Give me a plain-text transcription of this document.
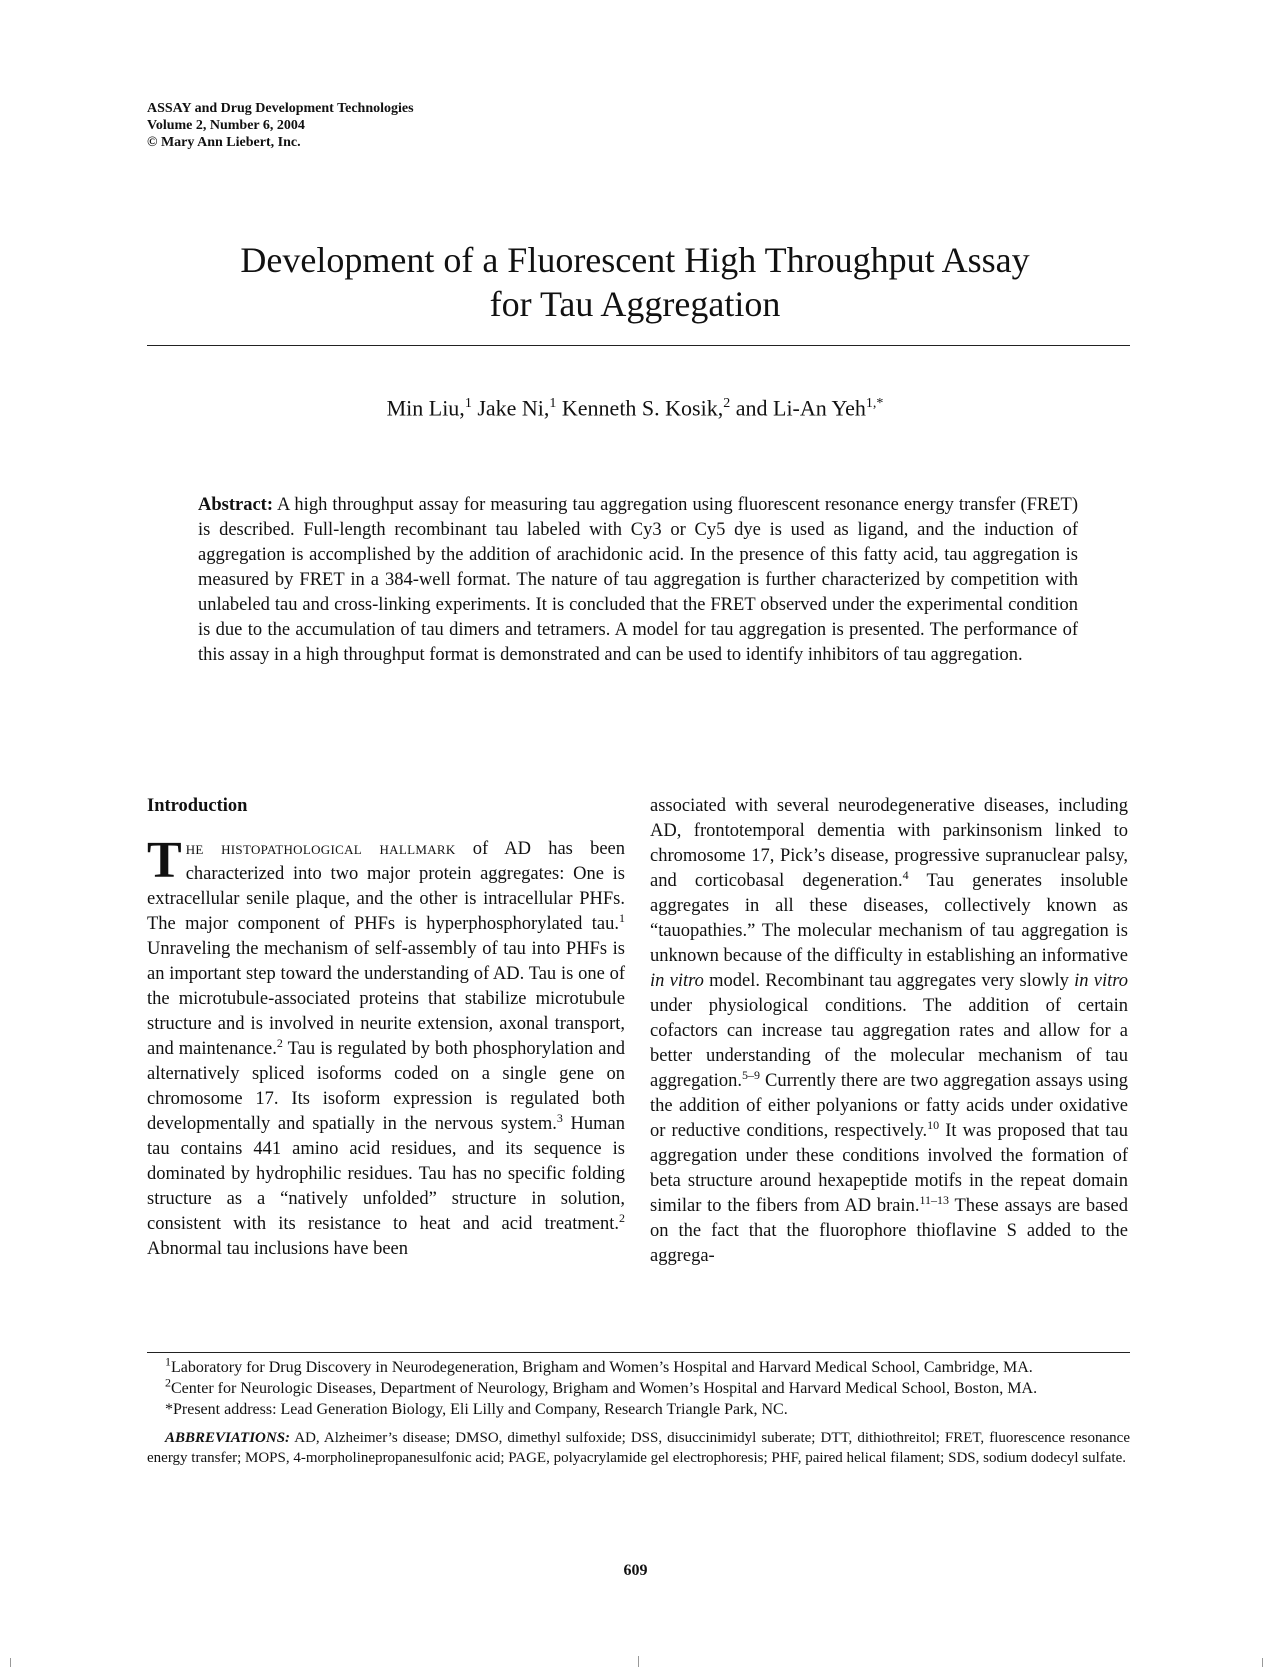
ASSAY and Drug Development Technologies
Volume 2, Number 6, 2004
© Mary Ann Liebert, Inc.
Development of a Fluorescent High Throughput Assay
for Tau Aggregation
Min Liu,$^1$ Jake Ni,$^1$ Kenneth S. Kosik,$^2$ and Li-An Yeh$^{1,*}$
Abstract: A high throughput assay for measuring tau aggregation using fluorescent resonance energy transfer (FRET) is described. Full-length recombinant tau labeled with Cy3 or Cy5 dye is used as ligand, and the induction of aggregation is accomplished by the addition of arachidonic acid. In the presence of this fatty acid, tau aggregation is measured by FRET in a 384-well format. The nature of tau aggregation is further characterized by competition with unlabeled tau and cross-linking experiments. It is concluded that the FRET observed under the experimental condition is due to the accumulation of tau dimers and tetramers. A model for tau aggregation is presented. The performance of this assay in a high throughput format is demonstrated and can be used to identify inhibitors of tau aggregation.
Introduction

The histopathological hallmark of AD has been characterized into two major protein aggregates: One is extracellular senile plaque, and the other is intracellular PHFs. The major component of PHFs is hyperphosphorylated tau.$^1$ Unraveling the mechanism of self-assembly of tau into PHFs is an important step toward the understanding of AD. Tau is one of the microtubule-associated proteins that stabilize microtubule structure and is involved in neurite extension, axonal transport, and maintenance.$^2$ Tau is regulated by both phosphorylation and alternatively spliced isoforms coded on a single gene on chromosome 17. Its isoform expression is regulated both developmentally and spatially in the nervous system.$^3$ Human tau contains 441 amino acid residues, and its sequence is dominated by hydrophilic residues. Tau has no specific folding structure as a “natively unfolded” structure in solution, consistent with its resistance to heat and acid treatment.$^2$ Abnormal tau inclusions have been

associated with several neurodegenerative diseases, including AD, frontotemporal dementia with parkinsonism linked to chromosome 17, Pick’s disease, progressive supranuclear palsy, and corticobasal degeneration.$^4$ Tau generates insoluble aggregates in all these diseases, collectively known as “tauopathies.” The molecular mechanism of tau aggregation is unknown because of the difficulty in establishing an informative in vitro model. Recombinant tau aggregates very slowly in vitro under physiological conditions. The addition of certain cofactors can increase tau aggregation rates and allow for a better understanding of the molecular mechanism of tau aggregation.$^{5-9}$ Currently there are two aggregation assays using the addition of either polyanions or fatty acids under oxidative or reductive conditions, respectively.$^{10}$ It was proposed that tau aggregation under these conditions involved the formation of beta structure around hexapeptide motifs in the repeat domain similar to the fibers from AD brain.$^{11-13}$ These assays are based on the fact that the fluorophore thioflavine S added to the aggrega-

$^1$Laboratory for Drug Discovery in Neurodegeneration, Brigham and Women’s Hospital and Harvard Medical School, Cambridge, MA.

$^2$Center for Neurologic Diseases, Department of Neurology, Brigham and Women’s Hospital and Harvard Medical School, Boston, MA.

*Present address: Lead Generation Biology, Eli Lilly and Company, Research Triangle Park, NC.

ABBREVIATIONS: AD, Alzheimer’s disease; DMSO, dimethyl sulfoxide; DSS, disuccinimidyl suberate; DTT, dithiothreitol; FRET, fluorescence resonance energy transfer; MOPS, 4-morpholinepropanesulfonic acid; PAGE, polyacrylamide gel electrophoresis; PHF, paired helical filament; SDS, sodium dodecyl sulfate.

609
